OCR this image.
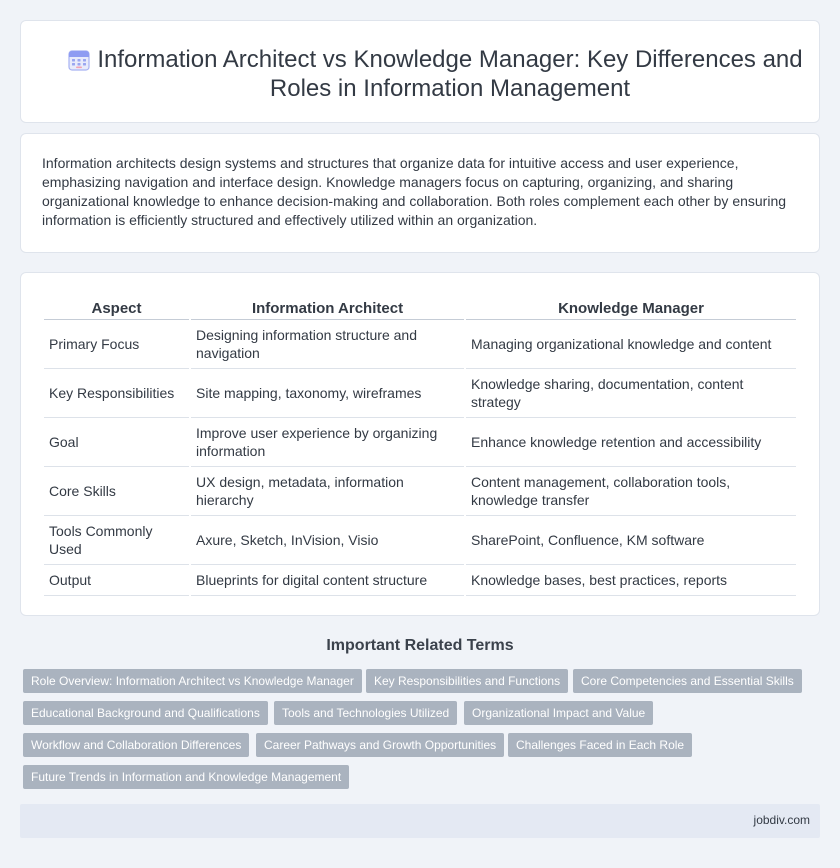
Information Architect vs Knowledge Manager: Key Differences and Roles in Information Management

Information architects design systems and structures that organize data for intuitive access and user experience, emphasizing navigation and interface design. Knowledge managers focus on capturing, organizing, and sharing organizational knowledge to enhance decision-making and collaboration. Both roles complement each other by ensuring information is efficiently structured and effectively utilized within an organization.

Aspect	Information Architect	Knowledge Manager
Primary Focus	Designing information structure and navigation	Managing organizational knowledge and content
Key Responsibilities	Site mapping, taxonomy, wireframes	Knowledge sharing, documentation, content strategy
Goal	Improve user experience by organizing information	Enhance knowledge retention and accessibility
Core Skills	UX design, metadata, information hierarchy	Content management, collaboration tools, knowledge transfer
Tools Commonly Used	Axure, Sketch, InVision, Visio	SharePoint, Confluence, KM software
Output	Blueprints for digital content structure	Knowledge bases, best practices, reports
Important Related Terms
Role Overview: Information Architect vs Knowledge Manager	Key Responsibilities and Functions	Core Competencies and Essential Skills
Educational Background and Qualifications	Tools and Technologies Utilized	Organizational Impact and Value
Workflow and Collaboration Differences	Career Pathways and Growth Opportunities	Challenges Faced in Each Role
Future Trends in Information and Knowledge Management
jobdiv.com
